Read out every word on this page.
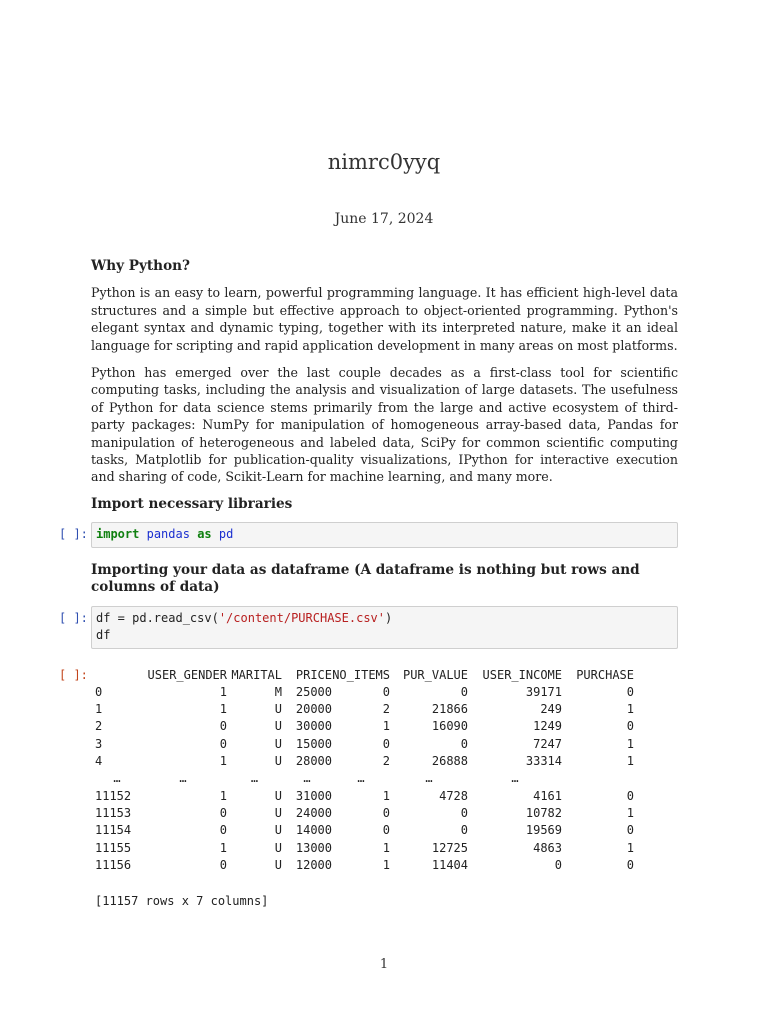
nimrc0yyq
June 17, 2024
Why Python?

Python is an easy to learn, powerful programming language. It has efficient high-level data structures and a simple but effective approach to object-oriented programming. Python's elegant syntax and dynamic typing, together with its interpreted nature, make it an ideal language for scripting and rapid application development in many areas on most platforms.

Python has emerged over the last couple decades as a first-class tool for scientific computing tasks, including the analysis and visualization of large datasets. The usefulness of Python for data science stems primarily from the large and active ecosystem of third-party packages: NumPy for manipulation of homogeneous array-based data, Pandas for manipulation of heterogeneous and labeled data, SciPy for common scientific computing tasks, Matplotlib for publication-quality visualizations, IPython for interactive execution and sharing of code, Scikit-Learn for machine learning, and many more.

Import necessary libraries
[ ]: import pandas as pd
Importing your data as dataframe (A dataframe is nothing but rows and columns of data)
[ ]: df = pd.read_csv('/content/PURCHASE.csv')
df
[ ]:
		USER_GENDER	MARITAL	PRICE	NO_ITEMS	PUR_VALUE	USER_INCOME	PURCHASE
0	1	M	25000	0	0	39171	0
1	1	U	20000	2	21866	249	1
2	0	U	30000	1	16090	1249	0
3	0	U	15000	0	0	7247	1
4	1	U	28000	2	26888	33314	1
…	…	…	…	…	…	…	
11152	1	U	31000	1	4728	4161	0
11153	0	U	24000	0	0	10782	1
11154	0	U	14000	0	0	19569	0
11155	1	U	13000	1	12725	4863	1
11156	0	U	12000	1	11404	0	0
[11157 rows x 7 columns]
1
